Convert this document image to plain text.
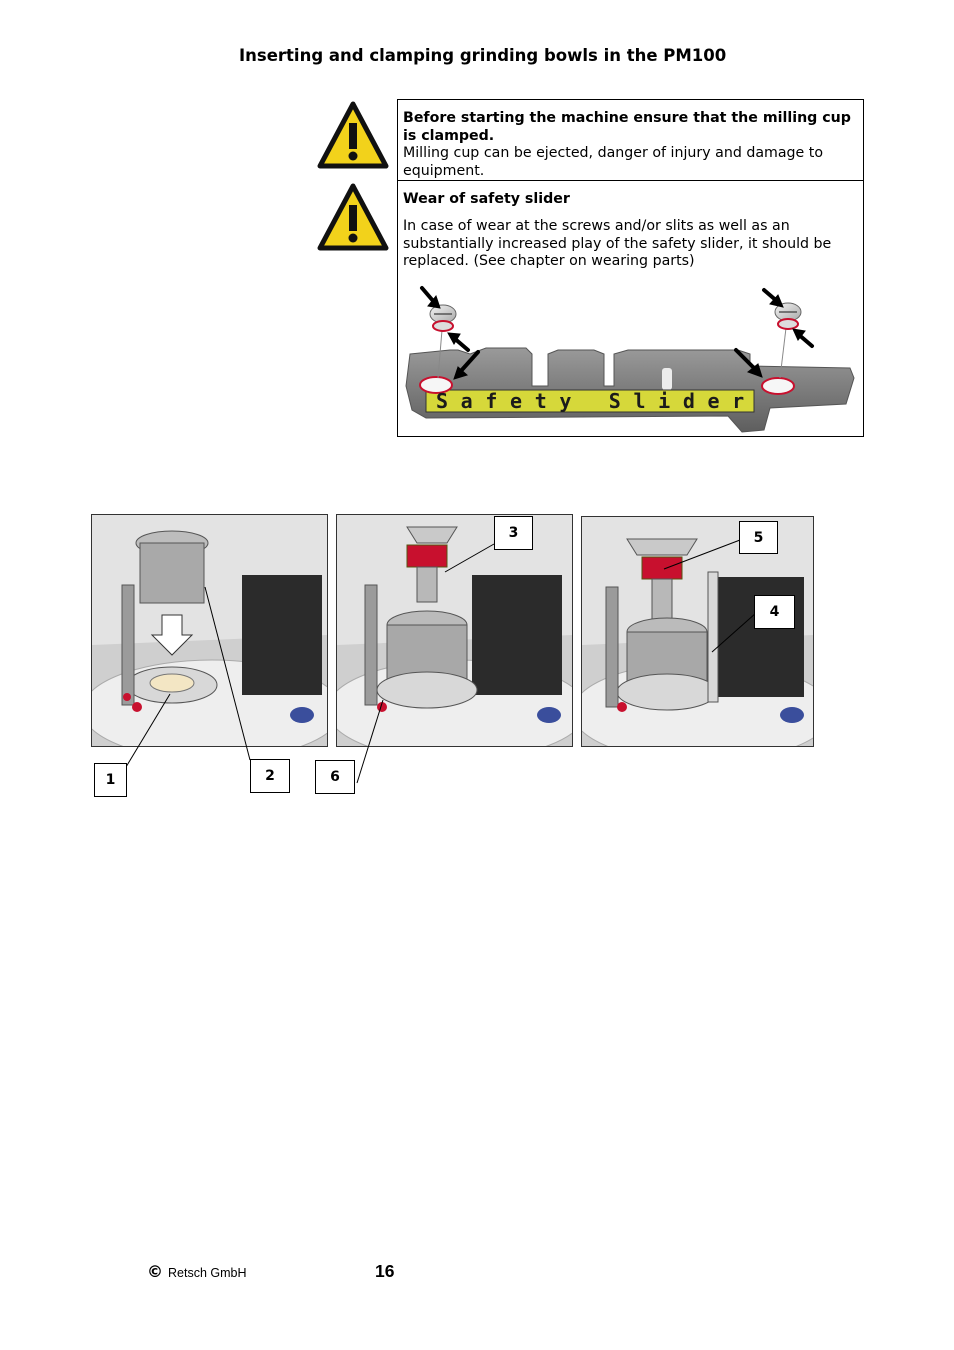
Inserting and clamping grinding bowls in the PM100
Before starting the machine ensure that the milling cup is clamped.
Milling cup can be ejected, danger of injury and damage to equipment.
Wear of safety slider
In case of wear at the screws and/or slits as well as an substantially increased play of the safety slider, it should be replaced. (See chapter on wearing parts)
S a f e t y   S l i d e r
1	2	6
3	5
4
© Retsch GmbH	16
